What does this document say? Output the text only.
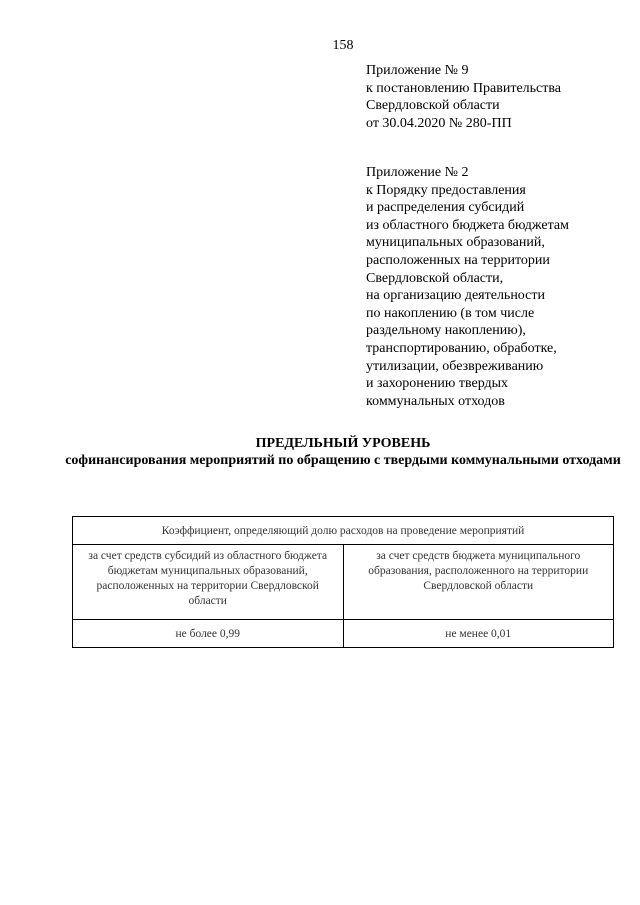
158
Приложение № 9
к постановлению Правительства
Свердловской области
от 30.04.2020 № 280-ПП
Приложение № 2
к Порядку предоставления
и распределения субсидий
из областного бюджета бюджетам
муниципальных образований,
расположенных на территории
Свердловской области,
на организацию деятельности
по накоплению (в том числе
раздельному накоплению),
транспортированию, обработке,
утилизации, обезвреживанию
и захоронению твердых
коммунальных отходов
ПРЕДЕЛЬНЫЙ УРОВЕНЬ
софинансирования мероприятий по обращению с твердыми коммунальными отходами
Коэффициент, определяющий долю расходов на проведение мероприятий	

за счет средств субсидий из областного бюджета бюджетам муниципальных образований, расположенных на территории Свердловской области	за счет средств бюджета муниципального образования, расположенного на территории Свердловской области

не более 0,99	не менее 0,01
